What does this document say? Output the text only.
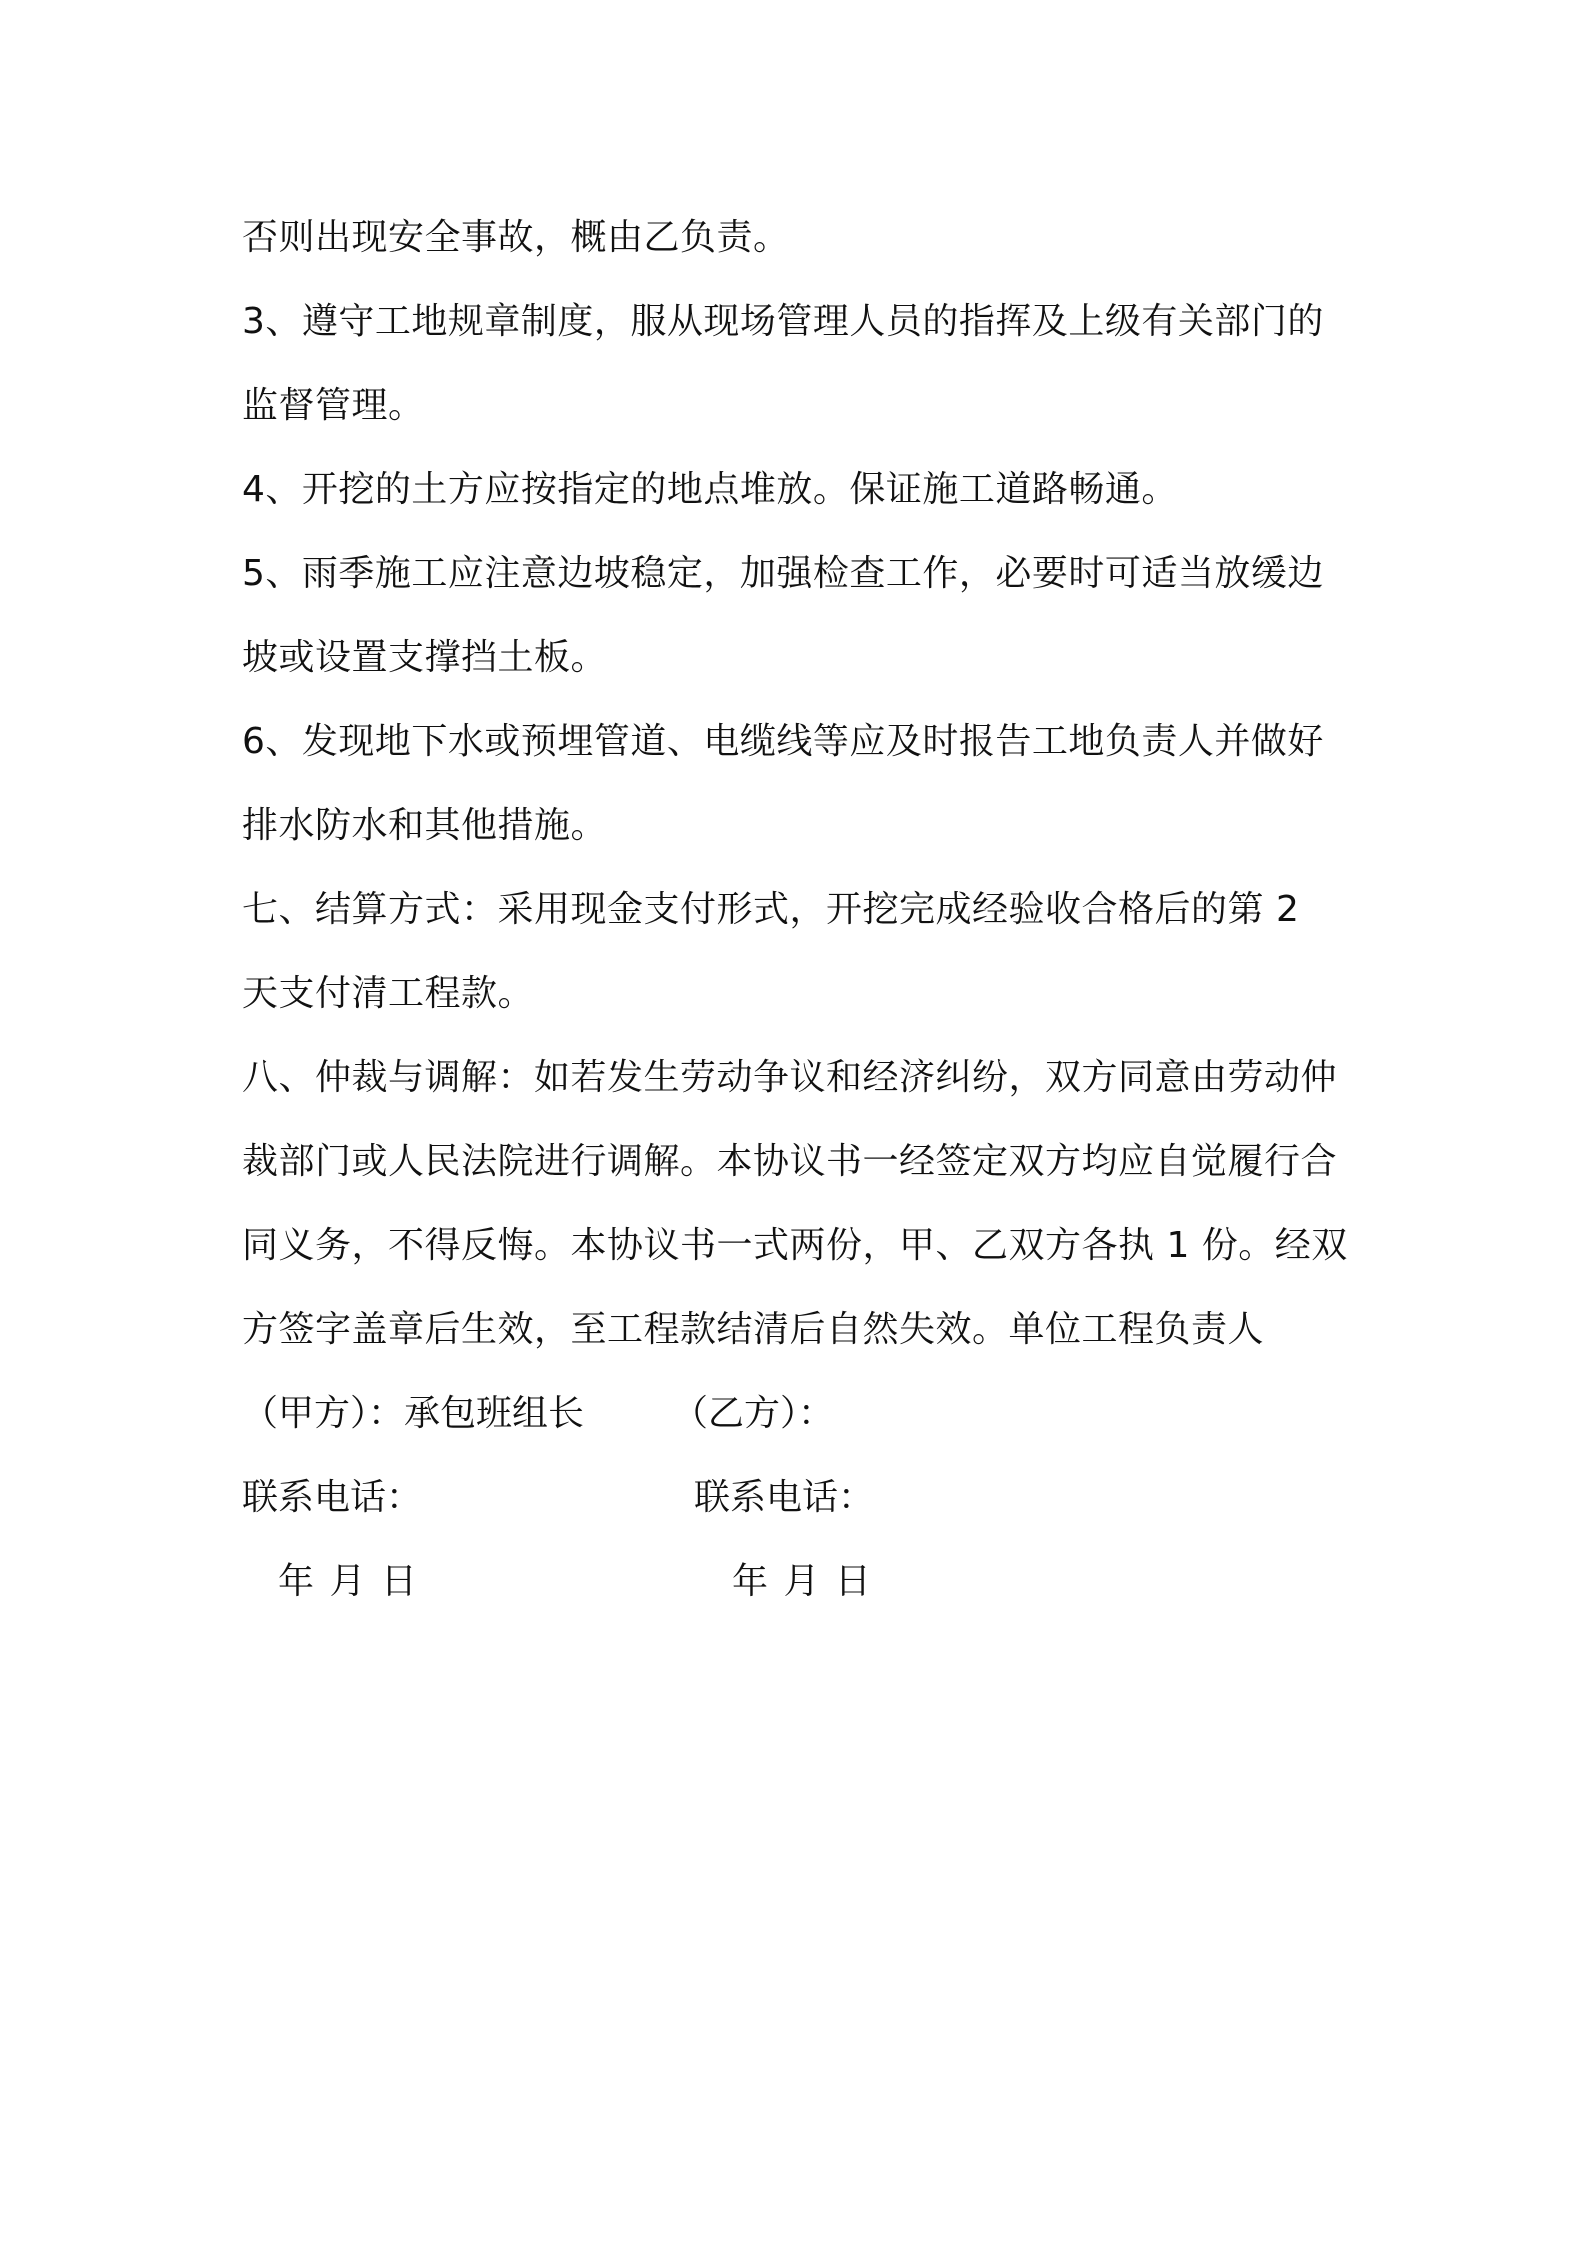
否则出现安全事故，概由乙负责。
3、遵守工地规章制度，服从现场管理人员的指挥及上级有关部门的
监督管理。
4、开挖的土方应按指定的地点堆放。保证施工道路畅通。
5、雨季施工应注意边坡稳定，加强检查工作，必要时可适当放缓边
坡或设置支撑挡土板。
6、发现地下水或预埋管道、电缆线等应及时报告工地负责人并做好
排水防水和其他措施。
七、结算方式：采用现金支付形式，开挖完成经验收合格后的第 2
天支付清工程款。
八、仲裁与调解：如若发生劳动争议和经济纠纷，双方同意由劳动仲
裁部门或人民法院进行调解。本协议书一经签定双方均应自觉履行合
同义务，不得反悔。本协议书一式两份，甲、乙双方各执 1 份。经双
方签字盖章后生效，至工程款结清后自然失效。单位工程负责人
（甲方）：承包班组长 （乙方）：
联系电话：	联系电话：
年 月 日	年 月 日
